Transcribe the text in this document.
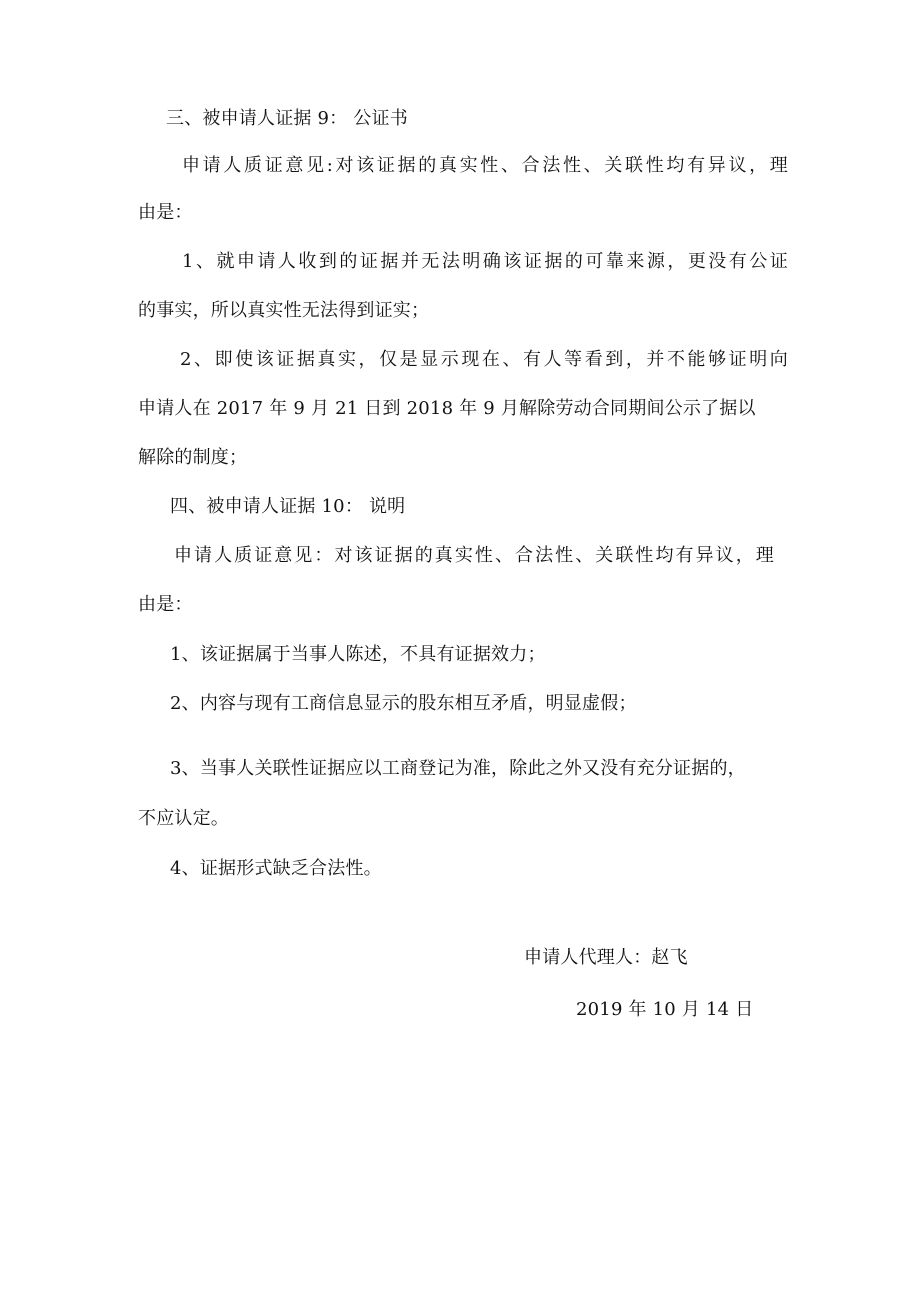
三、被申请人证据 9： 公证书
申请人质证意见:对该证据的真实性、合法性、关联性均有异议，理
由是：
1、就申请人收到的证据并无法明确该证据的可靠来源，更没有公证
的事实，所以真实性无法得到证实；
2、即使该证据真实，仅是显示现在、有人等看到，并不能够证明向
申请人在 2017 年 9 月 21 日到 2018 年 9 月解除劳动合同期间公示了据以
解除的制度；
四、被申请人证据 10： 说明
申请人质证意见：对该证据的真实性、合法性、关联性均有异议，理
由是：
1、该证据属于当事人陈述，不具有证据效力；
2、内容与现有工商信息显示的股东相互矛盾，明显虚假；
3、当事人关联性证据应以工商登记为准，除此之外又没有充分证据的，
不应认定。
4、证据形式缺乏合法性。
申请人代理人：赵飞
2019 年 10 月 14 日
